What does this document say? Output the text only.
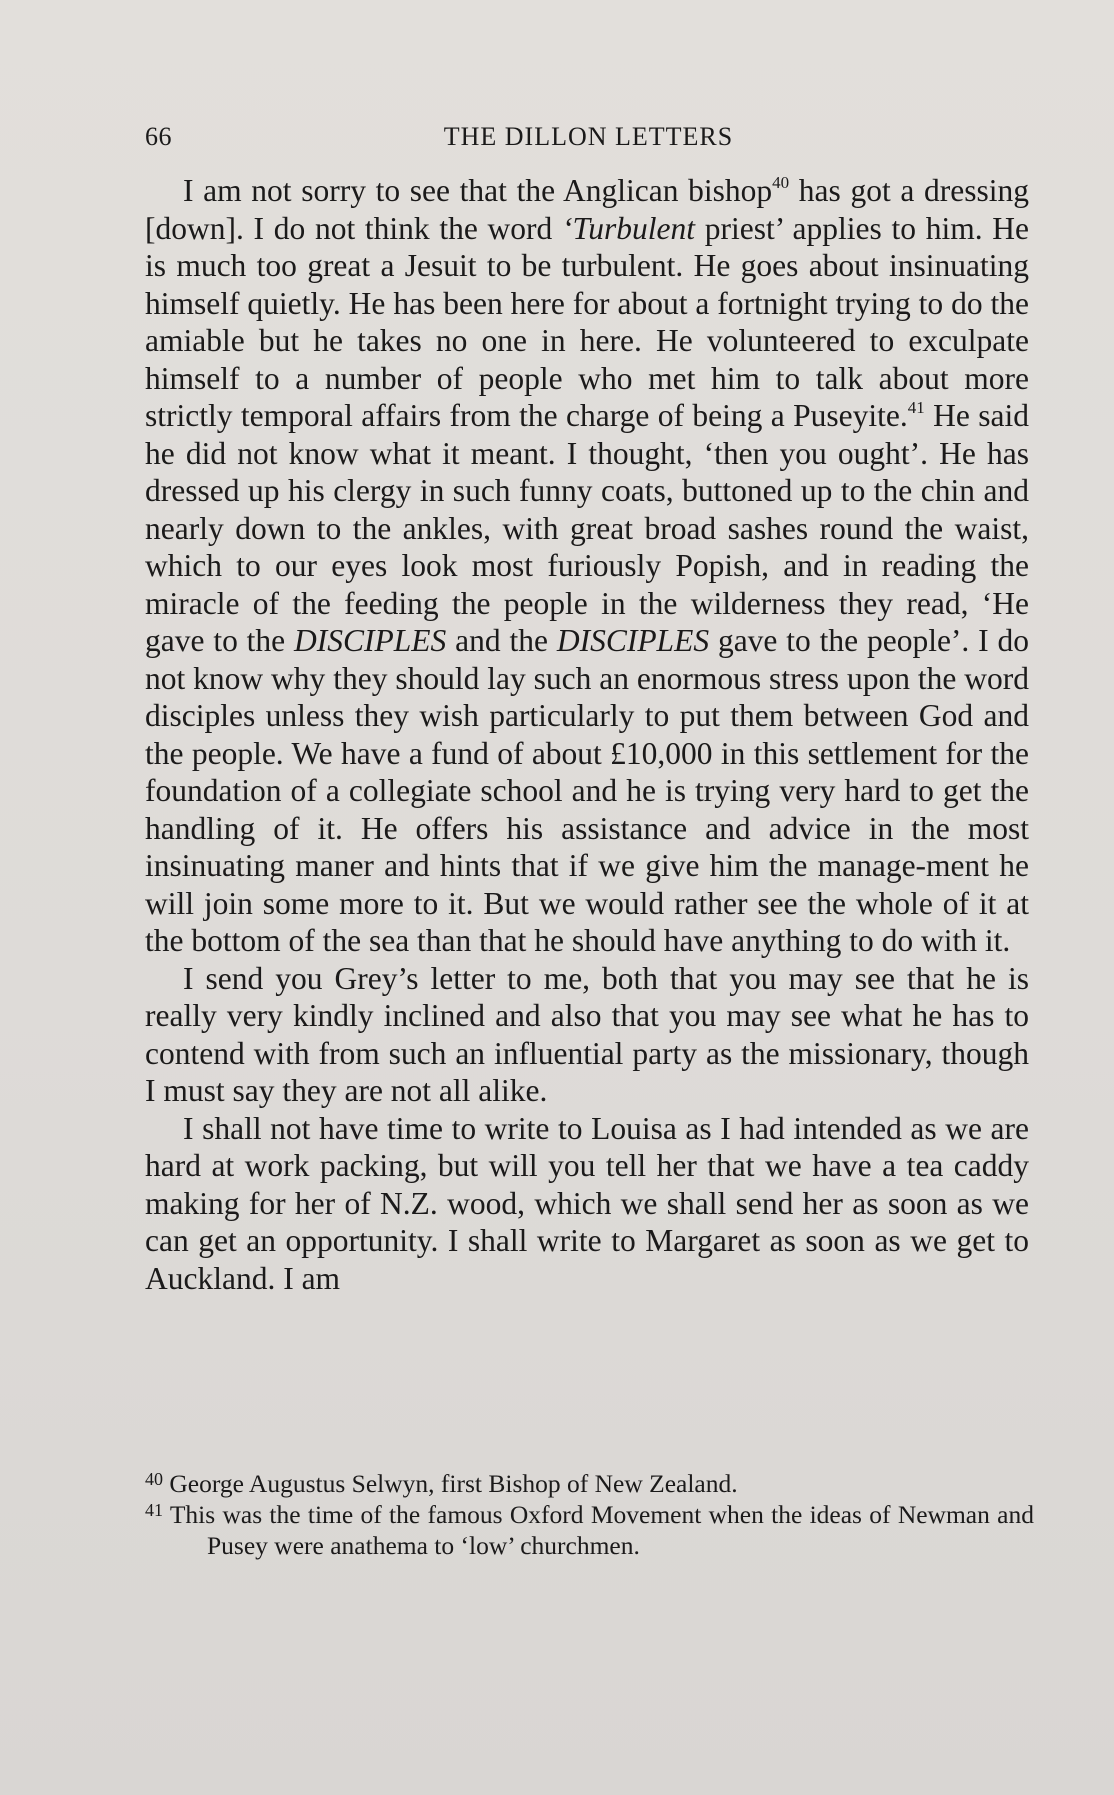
66	THE DILLON LETTERS

I am not sorry to see that the Anglican bishop$^{40}$ has got a dressing [down]. I do not think the word ‘Turbulent priest’ applies to him. He is much too great a Jesuit to be turbulent. He goes about insinuating himself quietly. He has been here for about a fortnight trying to do the amiable but he takes no one in here. He volunteered to exculpate himself to a number of people who met him to talk about more strictly temporal affairs from the charge of being a Puseyite.$^{41}$ He said he did not know what it meant. I thought, ‘then you ought’. He has dressed up his clergy in such funny coats, buttoned up to the chin and nearly down to the ankles, with great broad sashes round the waist, which to our eyes look most furiously Popish, and in reading the miracle of the feeding the people in the wilderness they read, ‘He gave to the DISCIPLES and the DISCIPLES gave to the people’. I do not know why they should lay such an enormous stress upon the word disciples unless they wish particularly to put them between God and the people. We have a fund of about £10,000 in this settlement for the foundation of a collegiate school and he is trying very hard to get the handling of it. He offers his assistance and advice in the most insinuating maner and hints that if we give him the manage-ment he will join some more to it. But we would rather see the whole of it at the bottom of the sea than that he should have anything to do with it.

I send you Grey’s letter to me, both that you may see that he is really very kindly inclined and also that you may see what he has to contend with from such an influential party as the missionary, though I must say they are not all alike.

I shall not have time to write to Louisa as I had intended as we are hard at work packing, but will you tell her that we have a tea caddy making for her of N.Z. wood, which we shall send her as soon as we can get an opportunity. I shall write to Margaret as soon as we get to Auckland. I am

$^{40}$ George Augustus Selwyn, first Bishop of New Zealand.

$^{41}$ This was the time of the famous Oxford Movement when the ideas of Newman and Pusey were anathema to ‘low’ churchmen.
